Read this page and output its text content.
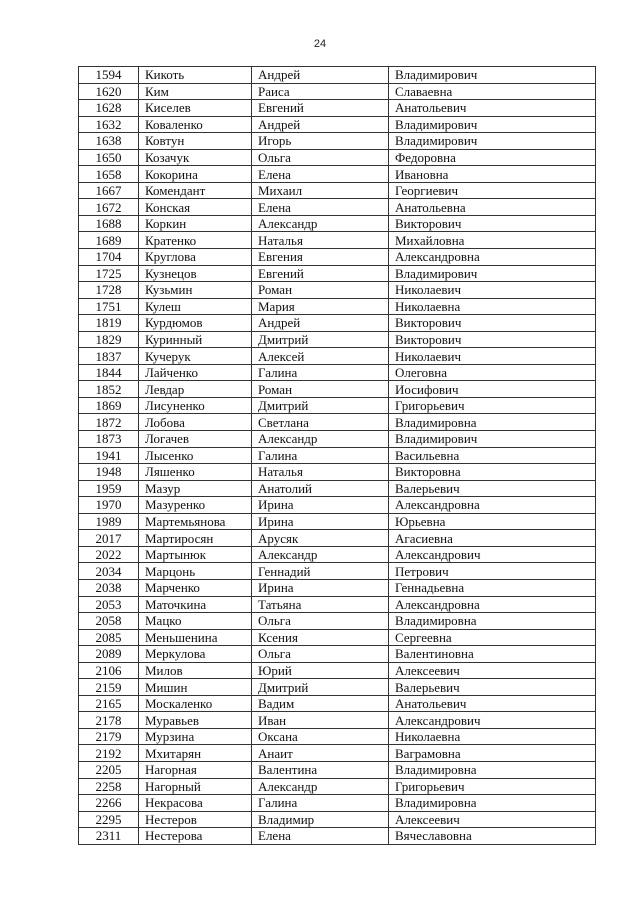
24
1594	Кикоть	Андрей	Владимирович
1620	Ким	Раиса	Славаевна
1628	Киселев	Евгений	Анатольевич
1632	Коваленко	Андрей	Владимирович
1638	Ковтун	Игорь	Владимирович
1650	Козачук	Ольга	Федоровна
1658	Кокорина	Елена	Ивановна
1667	Комендант	Михаил	Георгиевич
1672	Конская	Елена	Анатольевна
1688	Коркин	Александр	Викторович
1689	Кратенко	Наталья	Михайловна
1704	Круглова	Евгения	Александровна
1725	Кузнецов	Евгений	Владимирович
1728	Кузьмин	Роман	Николаевич
1751	Кулеш	Мария	Николаевна
1819	Курдюмов	Андрей	Викторович
1829	Куринный	Дмитрий	Викторович
1837	Кучерук	Алексей	Николаевич
1844	Лайченко	Галина	Олеговна
1852	Левдар	Роман	Иосифович
1869	Лисуненко	Дмитрий	Григорьевич
1872	Лобова	Светлана	Владимировна
1873	Логачев	Александр	Владимирович
1941	Лысенко	Галина	Васильевна
1948	Ляшенко	Наталья	Викторовна
1959	Мазур	Анатолий	Валерьевич
1970	Мазуренко	Ирина	Александровна
1989	Мартемьянова	Ирина	Юрьевна
2017	Мартиросян	Арусяк	Агасиевна
2022	Мартынюк	Александр	Александрович
2034	Марцонь	Геннадий	Петрович
2038	Марченко	Ирина	Геннадьевна
2053	Маточкина	Татьяна	Александровна
2058	Мацко	Ольга	Владимировна
2085	Меньшенина	Ксения	Сергеевна
2089	Меркулова	Ольга	Валентиновна
2106	Милов	Юрий	Алексеевич
2159	Мишин	Дмитрий	Валерьевич
2165	Москаленко	Вадим	Анатольевич
2178	Муравьев	Иван	Александрович
2179	Мурзина	Оксана	Николаевна
2192	Мхитарян	Анаит	Ваграмовна
2205	Нагорная	Валентина	Владимировна
2258	Нагорный	Александр	Григорьевич
2266	Некрасова	Галина	Владимировна
2295	Нестеров	Владимир	Алексеевич
2311	Нестерова	Елена	Вячеславовна
